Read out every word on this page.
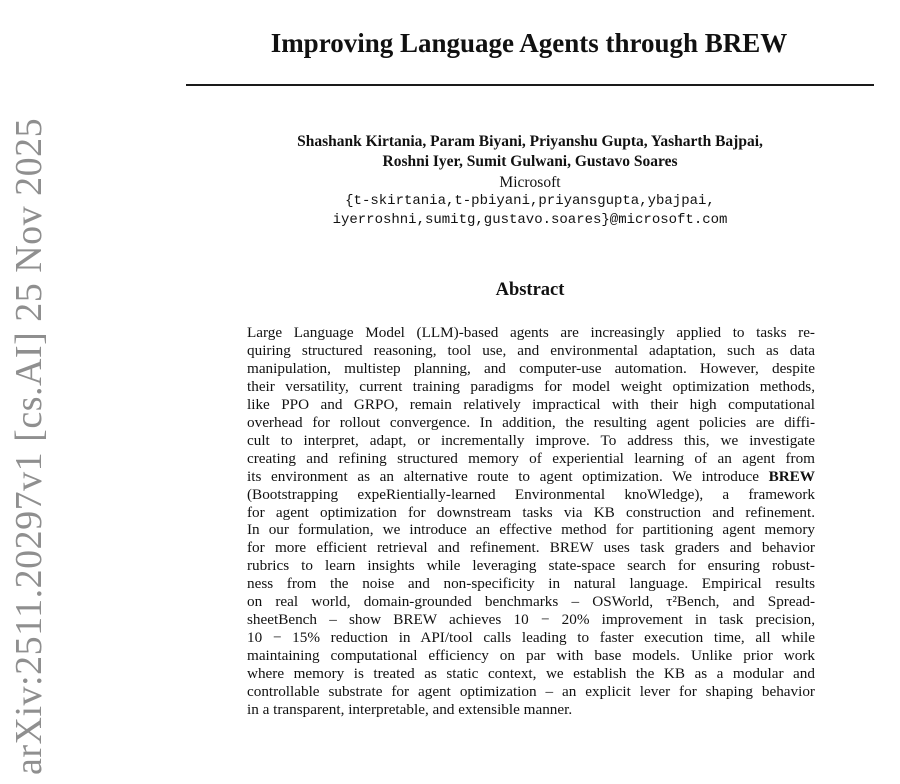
arXiv:2511.20297v1 [cs.AI] 25 Nov 2025
Improving Language Agents through BREW
Shashank Kirtania, Param Biyani, Priyanshu Gupta, Yasharth Bajpai,
Roshni Iyer, Sumit Gulwani, Gustavo Soares
Microsoft
{t-skirtania,t-pbiyani,priyansgupta,ybajpai,
iyerroshni,sumitg,gustavo.soares}@microsoft.com
Abstract
Large Language Model (LLM)-based agents are increasingly applied to tasks re-
quiring structured reasoning, tool use, and environmental adaptation, such as data
manipulation, multistep planning, and computer-use automation. However, despite
their versatility, current training paradigms for model weight optimization methods,
like PPO and GRPO, remain relatively impractical with their high computational
overhead for rollout convergence. In addition, the resulting agent policies are diffi-
cult to interpret, adapt, or incrementally improve. To address this, we investigate
creating and refining structured memory of experiential learning of an agent from
its environment as an alternative route to agent optimization. We introduce BREW
(Bootstrapping expeRientially-learned Environmental knoWledge), a framework
for agent optimization for downstream tasks via KB construction and refinement.
In our formulation, we introduce an effective method for partitioning agent memory
for more efficient retrieval and refinement. BREW uses task graders and behavior
rubrics to learn insights while leveraging state-space search for ensuring robust-
ness from the noise and non-specificity in natural language. Empirical results
on real world, domain-grounded benchmarks – OSWorld, τ²Bench, and Spread-
sheetBench – show BREW achieves 10 − 20% improvement in task precision,
10 − 15% reduction in API/tool calls leading to faster execution time, all while
maintaining computational efficiency on par with base models. Unlike prior work
where memory is treated as static context, we establish the KB as a modular and
controllable substrate for agent optimization – an explicit lever for shaping behavior
in a transparent, interpretable, and extensible manner.
